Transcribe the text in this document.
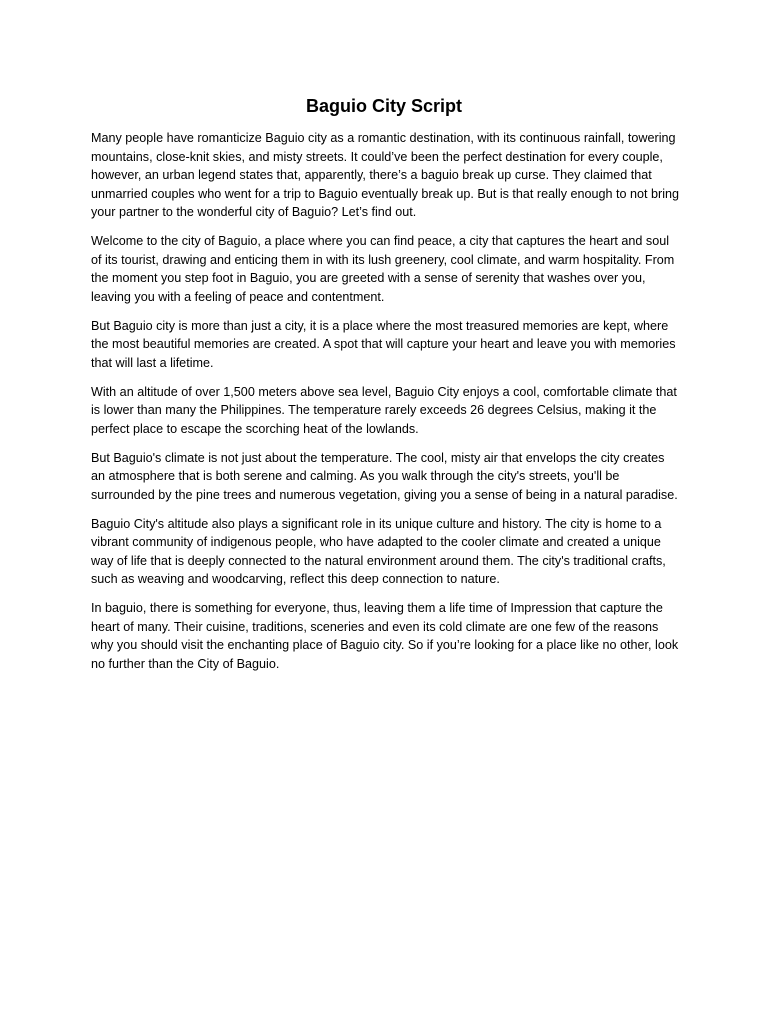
Baguio City Script

Many people have romanticize Baguio city as a romantic destination, with its continuous rainfall, towering mountains, close-knit skies, and misty streets. It could’ve been the perfect destination for every couple, however, an urban legend states that, apparently, there’s a baguio break up curse. They claimed that unmarried couples who went for a trip to Baguio eventually break up. But is that really enough to not bring your partner to the wonderful city of Baguio? Let’s find out.

Welcome to the city of Baguio, a place where you can find peace, a city that captures the heart and soul of its tourist, drawing and enticing them in with its lush greenery, cool climate, and warm hospitality. From the moment you step foot in Baguio, you are greeted with a sense of serenity that washes over you, leaving you with a feeling of peace and contentment.

But Baguio city is more than just a city, it is a place where the most treasured memories are kept, where the most beautiful memories are created. A spot that will capture your heart and leave you with memories that will last a lifetime.

With an altitude of over 1,500 meters above sea level, Baguio City enjoys a cool, comfortable climate that is lower than many the Philippines. The temperature rarely exceeds 26 degrees Celsius, making it the perfect place to escape the scorching heat of the lowlands.

But Baguio's climate is not just about the temperature. The cool, misty air that envelops the city creates an atmosphere that is both serene and calming. As you walk through the city's streets, you'll be surrounded by the pine trees and numerous vegetation, giving you a sense of being in a natural paradise.

Baguio City's altitude also plays a significant role in its unique culture and history. The city is home to a vibrant community of indigenous people, who have adapted to the cooler climate and created a unique way of life that is deeply connected to the natural environment around them. The city's traditional crafts, such as weaving and woodcarving, reflect this deep connection to nature.

In baguio, there is something for everyone, thus, leaving them a life time of Impression that capture the heart of many. Their cuisine, traditions, sceneries and even its cold climate are one few of the reasons why you should visit the enchanting place of Baguio city. So if you’re looking for a place like no other, look no further than the City of Baguio.
